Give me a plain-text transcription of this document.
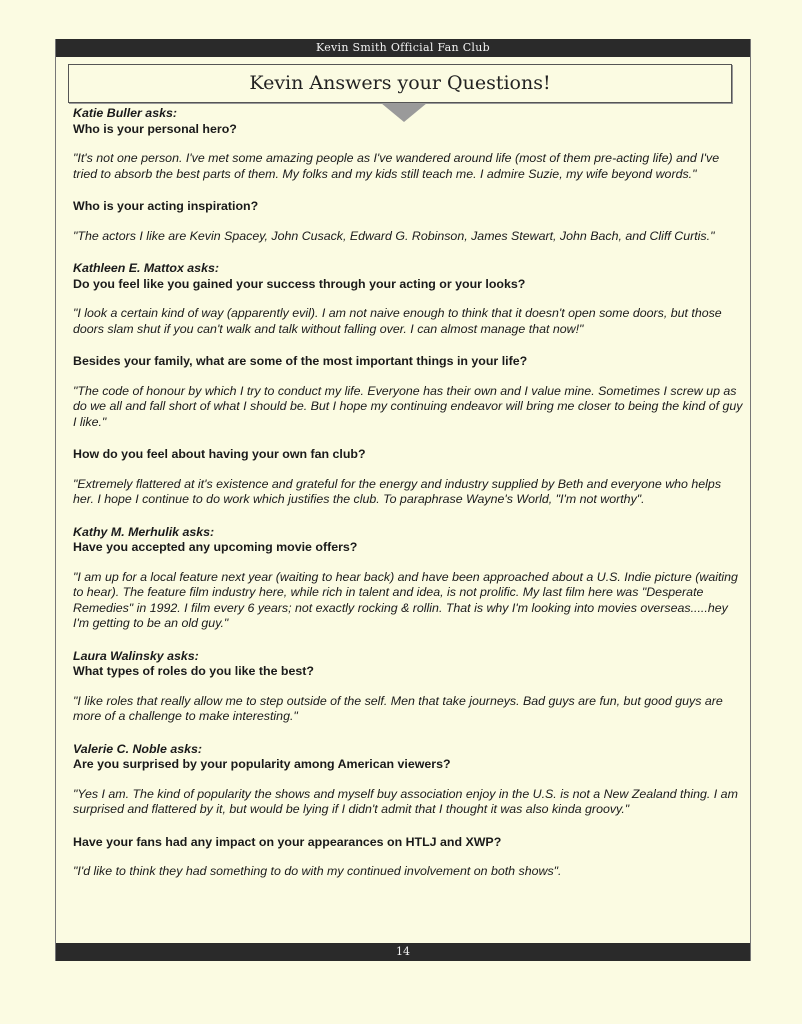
Kevin Smith Official Fan Club
Kevin Answers your Questions!

Katie Buller asks:

Who is your personal hero?

"It's not one person. I've met some amazing people as I've wandered around life (most of them pre-acting life) and I've tried to absorb the best parts of them. My folks and my kids still teach me. I admire Suzie, my wife beyond words."

Who is your acting inspiration?

"The actors I like are Kevin Spacey, John Cusack, Edward G. Robinson, James Stewart, John Bach, and Cliff Curtis."

Kathleen E. Mattox asks:

Do you feel like you gained your success through your acting or your looks?

"I look a certain kind of way (apparently evil). I am not naive enough to think that it doesn't open some doors, but those doors slam shut if you can't walk and talk without falling over. I can almost manage that now!"

Besides your family, what are some of the most important things in your life?

"The code of honour by which I try to conduct my life. Everyone has their own and I value mine. Sometimes I screw up as do we all and fall short of what I should be. But I hope my continuing endeavor will bring me closer to being the kind of guy I like."

How do you feel about having your own fan club?

"Extremely flattered at it's existence and grateful for the energy and industry supplied by Beth and everyone who helps her. I hope I continue to do work which justifies the club. To paraphrase Wayne's World, "I'm not worthy".

Kathy M. Merhulik asks:

Have you accepted any upcoming movie offers?

"I am up for a local feature next year (waiting to hear back) and have been approached about a U.S. Indie picture (waiting to hear). The feature film industry here, while rich in talent and idea, is not prolific. My last film here was "Desperate Remedies" in 1992. I film every 6 years; not exactly rocking & rollin. That is why I'm looking into movies overseas.....hey I'm getting to be an old guy."

Laura Walinsky asks:

What types of roles do you like the best?

"I like roles that really allow me to step outside of the self. Men that take journeys. Bad guys are fun, but good guys are more of a challenge to make interesting."

Valerie C. Noble asks:

Are you surprised by your popularity among American viewers?

"Yes I am. The kind of popularity the shows and myself buy association enjoy in the U.S. is not a New Zealand thing. I am surprised and flattered by it, but would be lying if I didn't admit that I thought it was also kinda groovy."

Have your fans had any impact on your appearances on HTLJ and XWP?

"I'd like to think they had something to do with my continued involvement on both shows".

14
